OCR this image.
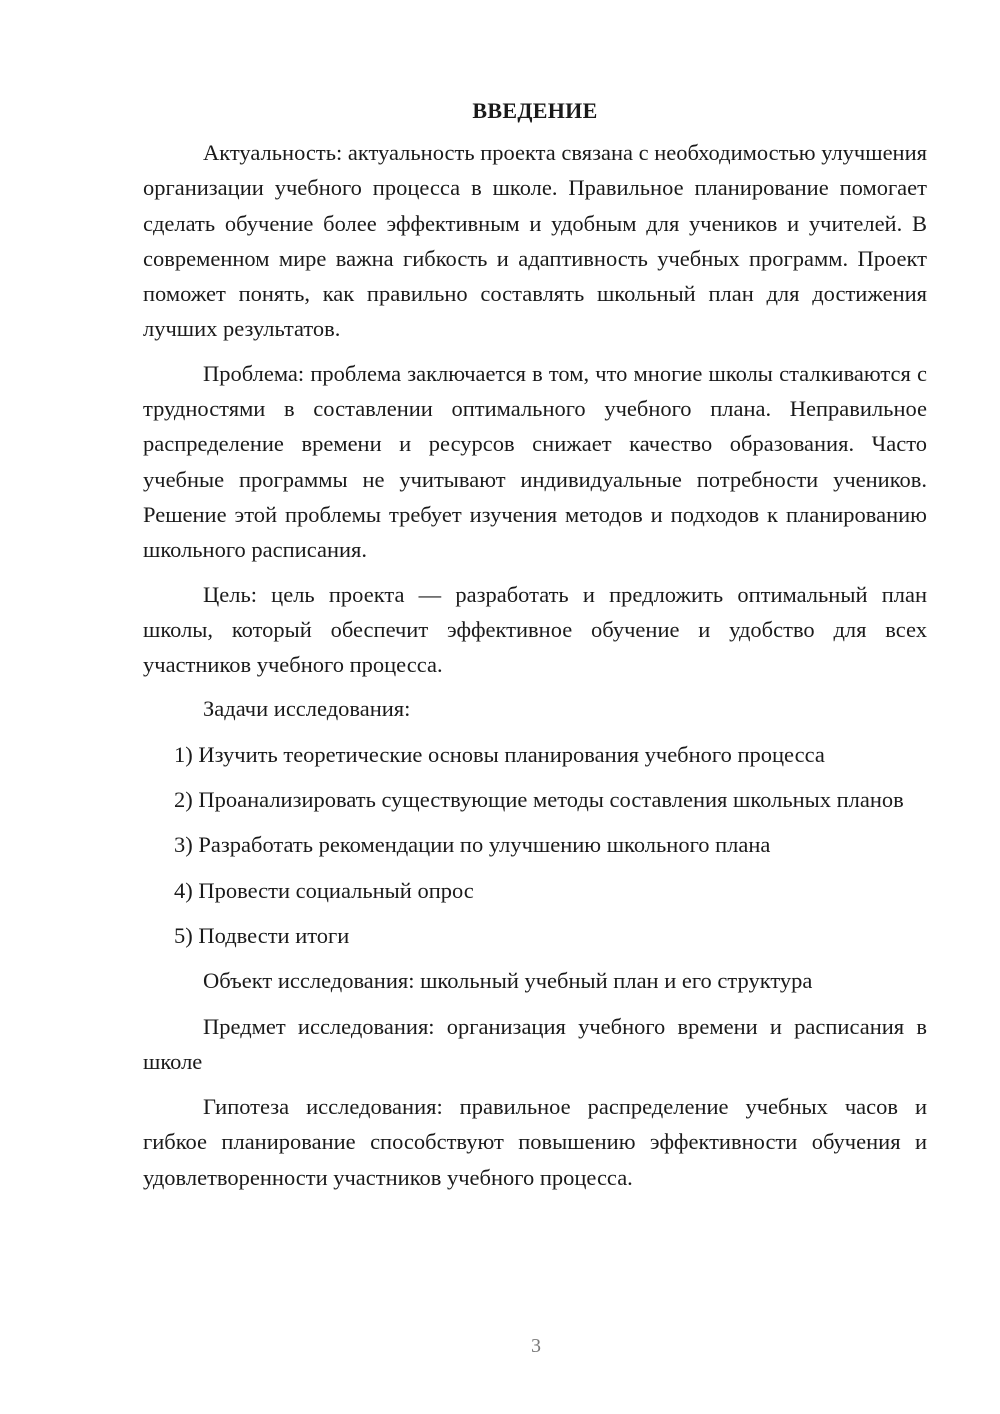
ВВЕДЕНИЕ

Актуальность: актуальность проекта связана с необходимостью улучшения организации учебного процесса в школе. Правильное планирование помогает сделать обучение более эффективным и удобным для учеников и учителей. В современном мире важна гибкость и адаптивность учебных программ. Проект поможет понять, как правильно составлять школьный план для достижения лучших результатов.

Проблема: проблема заключается в том, что многие школы сталкиваются с трудностями в составлении оптимального учебного плана. Неправильное распределение времени и ресурсов снижает качество образования. Часто учебные программы не учитывают индивидуальные потребности учеников. Решение этой проблемы требует изучения методов и подходов к планированию школьного расписания.

Цель: цель проекта — разработать и предложить оптимальный план школы, который обеспечит эффективное обучение и удобство для всех участников учебного процесса.

Задачи исследования:

1) Изучить теоретические основы планирования учебного процесса

2) Проанализировать существующие методы составления школьных планов

3) Разработать рекомендации по улучшению школьного плана

4) Провести социальный опрос

5) Подвести итоги

Объект исследования: школьный учебный план и его структура

Предмет исследования: организация учебного времени и расписания в школе

Гипотеза исследования: правильное распределение учебных часов и гибкое планирование способствуют повышению эффективности обучения и удовлетворенности участников учебного процесса.

3
